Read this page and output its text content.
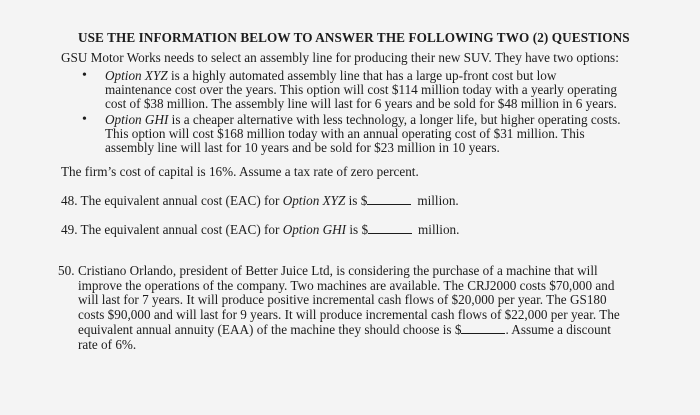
USE THE INFORMATION BELOW TO ANSWER THE FOLLOWING TWO (2) QUESTIONS
GSU Motor Works needs to select an assembly line for producing their new SUV. They have two options:
• Option XYZ is a highly automated assembly line that has a large up-front cost but low maintenance cost over the years. This option will cost $114 million today with a yearly operating cost of $38 million. The assembly line will last for 6 years and be sold for $48 million in 6 years.
• Option GHI is a cheaper alternative with less technology, a longer life, but higher operating costs. This option will cost $168 million today with an annual operating cost of $31 million. This assembly line will last for 10 years and be sold for $23 million in 10 years.
The firm’s cost of capital is 16%. Assume a tax rate of zero percent.
48. The equivalent annual cost (EAC) for Option XYZ is $	million.
49. The equivalent annual cost (EAC) for Option GHI is $	million.
50. Cristiano Orlando, president of Better Juice Ltd, is considering the purchase of a machine that will improve the operations of the company. Two machines are available. The CRJ2000 costs $70,000 and will last for 7 years. It will produce positive incremental cash flows of $20,000 per year. The GS180 costs $90,000 and will last for 9 years. It will produce incremental cash flows of $22,000 per year. The equivalent annual annuity (EAA) of the machine they should choose is $	. Assume a discount rate of 6%.
